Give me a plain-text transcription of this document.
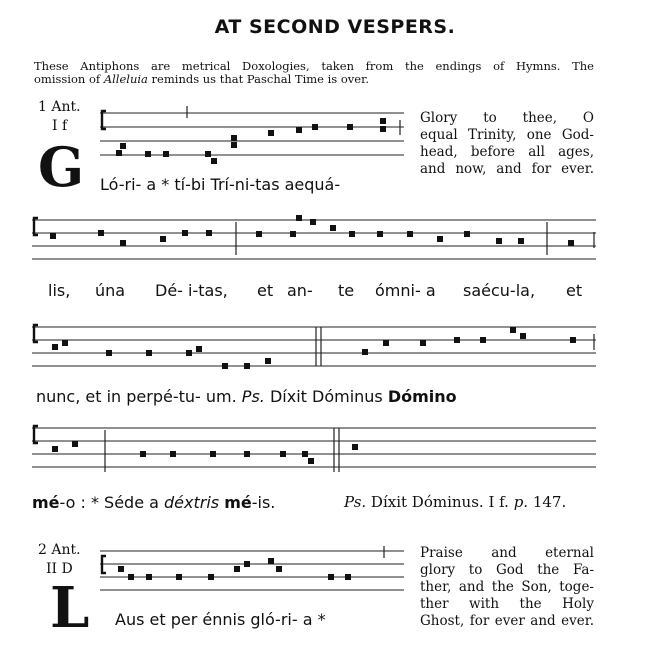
AT SECOND VESPERS.
These Antiphons are metrical Doxologies, taken from the endings of Hymns. The
omission of Alleluia reminds us that Paschal Time is over.
1 Ant.
I f
G Ló-ri- a * tí-bi Trí-ni-tas aequá-
Glory to thee, O
equal Trinity, one God-
head, before all ages,
and now, and for ever.
lis, úna Dé- i-tas, et an- te ómni- a saécu-la, et
nunc, et in perpé-tu- um. Ps. Díxit Dóminus Dómino
mé-o : * Séde a déxtris mé-is.	Ps. Díxit Dóminus. I f. p. 147.
2 Ant.
II D
L Aus et per énnis gló-ri- a *
Praise and eternal
glory to God the Fa-
ther, and the Son, toge-
ther with the Holy
Ghost, for ever and ever.
